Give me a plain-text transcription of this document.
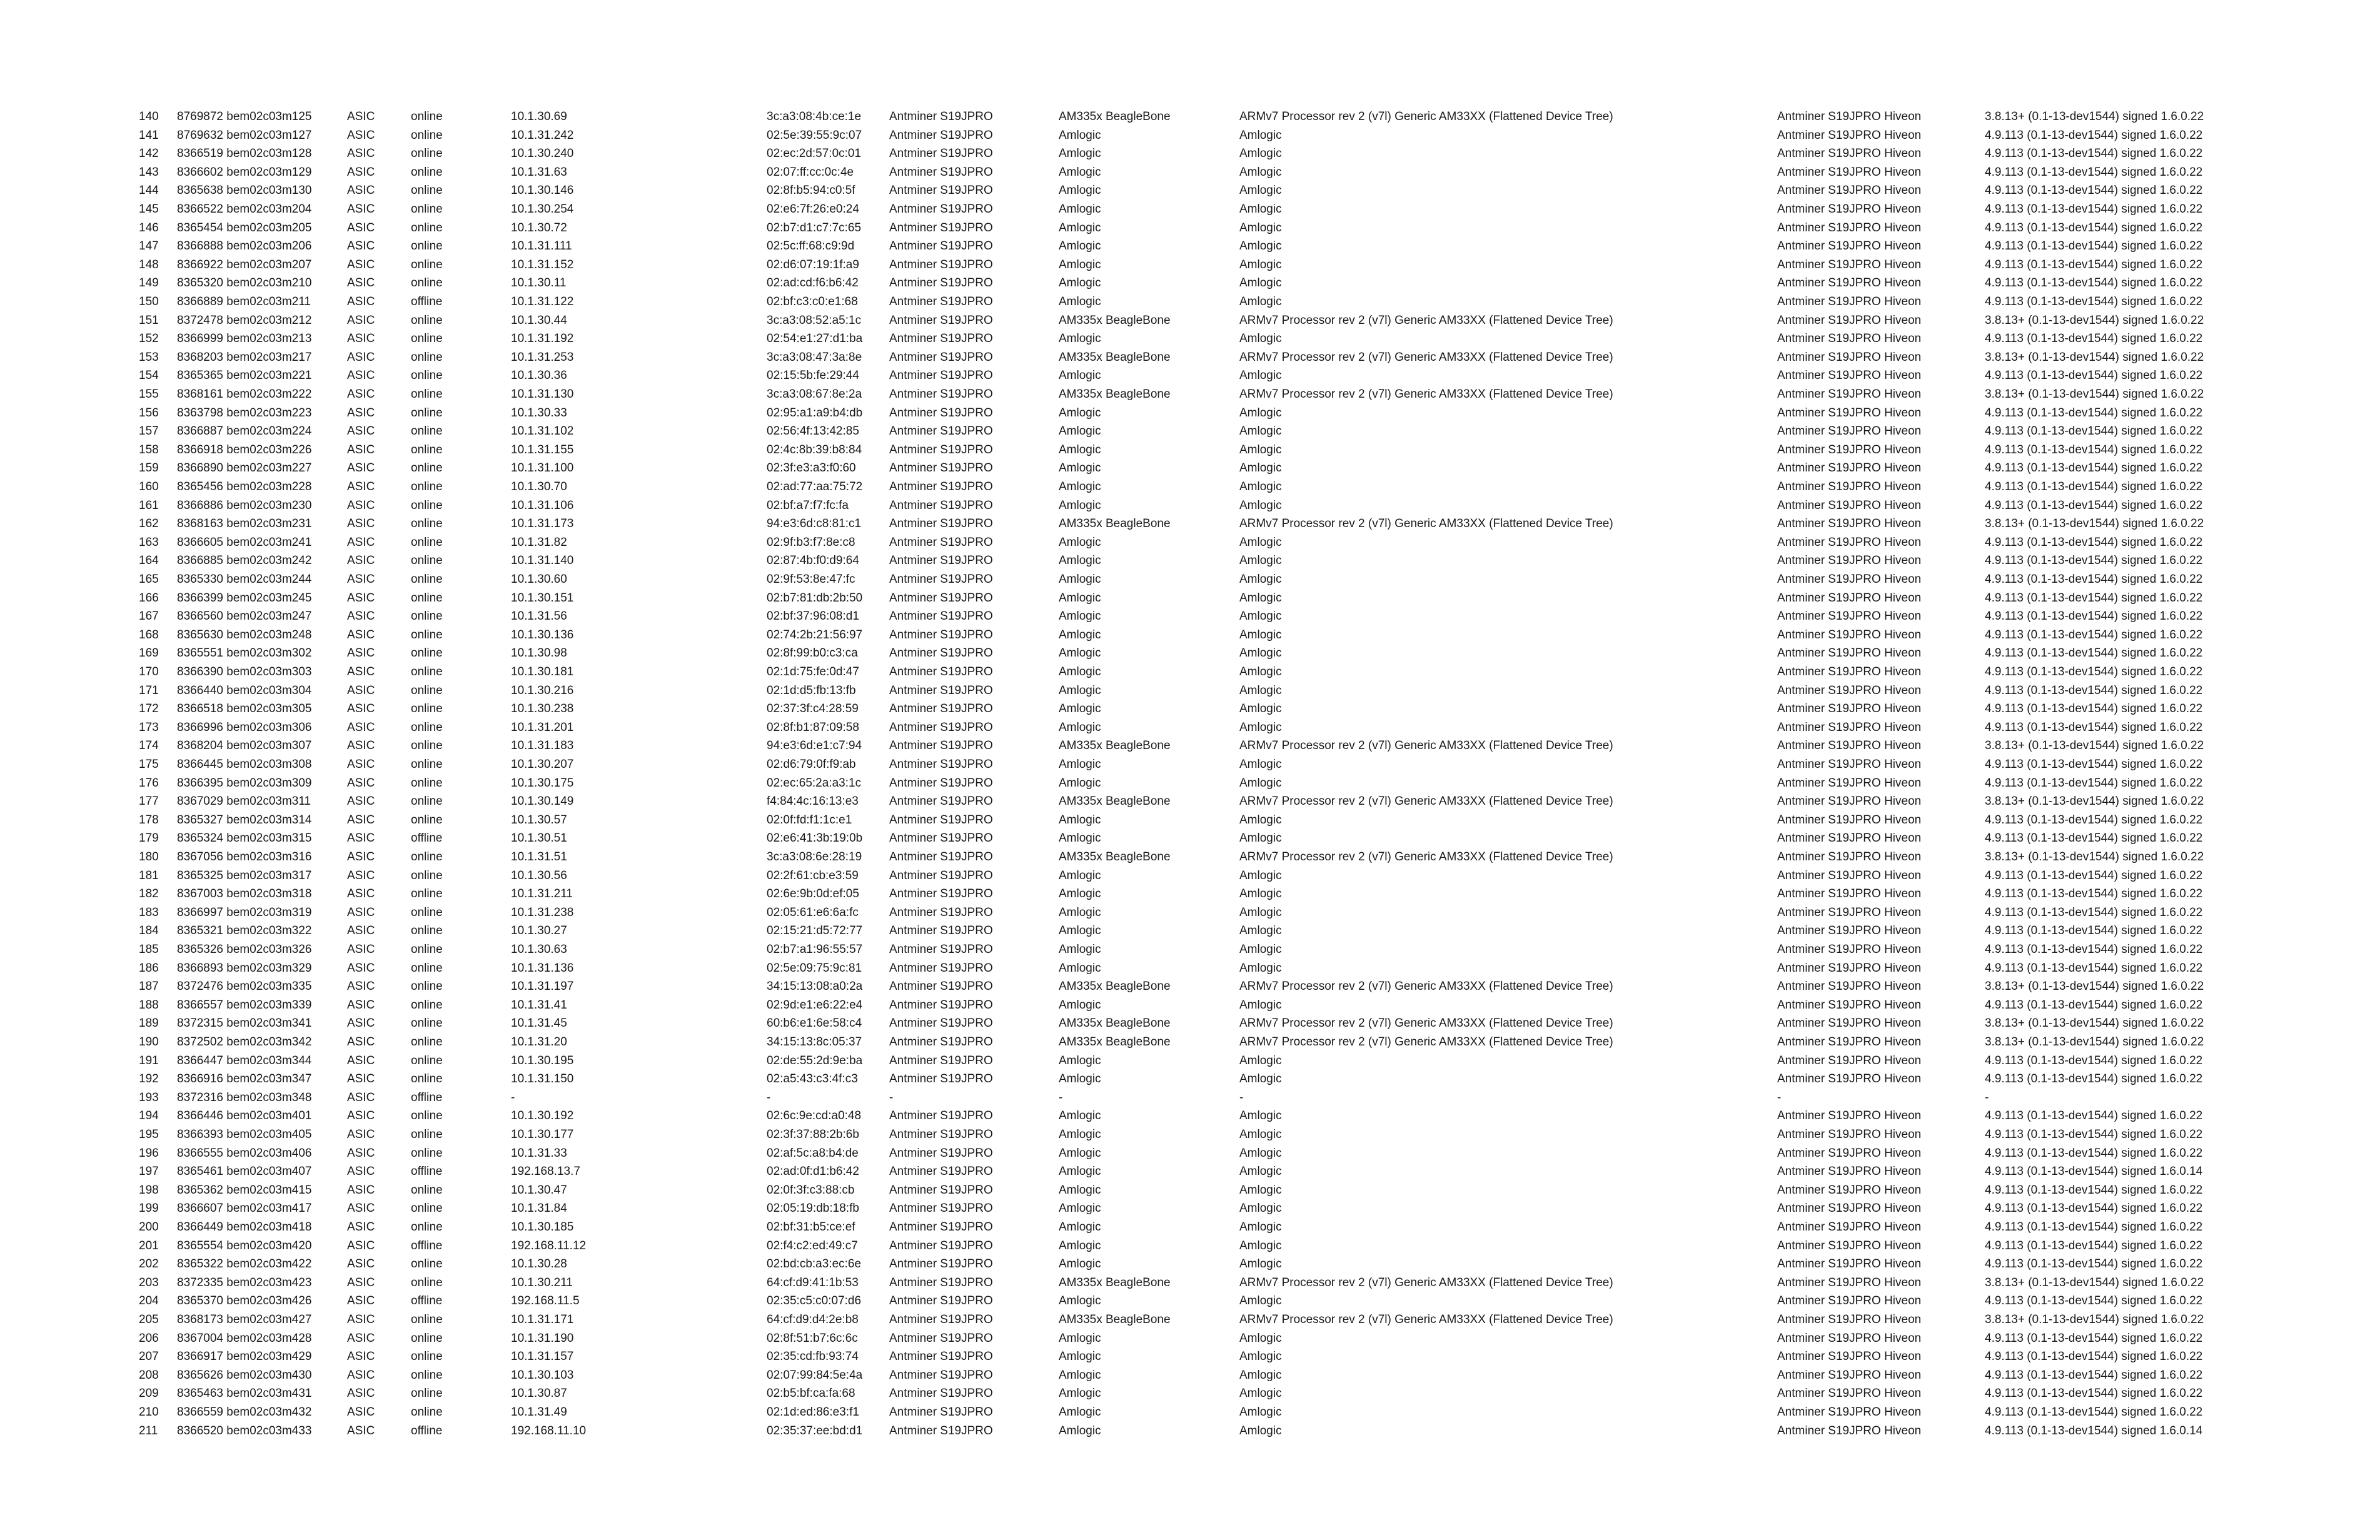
140 8769872 bem02c03m125	ASIC	online	10.1.30.69	3c:a3:08:4b:ce:1e Antminer S19JPRO	AM335x BeagleBone	ARMv7 Processor rev 2 (v7l) Generic AM33XX (Flattened Device Tree)	Antminer S19JPRO Hiveon	3.8.13+ (0.1-13-dev1544) signed 1.6.0.22
141 8769632 bem02c03m127	ASIC	online	10.1.31.242	02:5e:39:55:9c:07 Antminer S19JPRO	Amlogic	Amlogic	Antminer S19JPRO Hiveon	4.9.113 (0.1-13-dev1544) signed 1.6.0.22
142 8366519 bem02c03m128	ASIC	online	10.1.30.240	02:ec:2d:57:0c:01 Antminer S19JPRO	Amlogic	Amlogic	Antminer S19JPRO Hiveon	4.9.113 (0.1-13-dev1544) signed 1.6.0.22
143 8366602 bem02c03m129	ASIC	online	10.1.31.63	02:07:ff:cc:0c:4e	Antminer S19JPRO	Amlogic	Amlogic	Antminer S19JPRO Hiveon	4.9.113 (0.1-13-dev1544) signed 1.6.0.22
144 8365638 bem02c03m130	ASIC	online	10.1.30.146	02:8f:b5:94:c0:5f	Antminer S19JPRO	Amlogic	Amlogic	Antminer S19JPRO Hiveon	4.9.113 (0.1-13-dev1544) signed 1.6.0.22
145 8366522 bem02c03m204	ASIC	online	10.1.30.254	02:e6:7f:26:e0:24	Antminer S19JPRO	Amlogic	Amlogic	Antminer S19JPRO Hiveon	4.9.113 (0.1-13-dev1544) signed 1.6.0.22
146 8365454 bem02c03m205	ASIC	online	10.1.30.72	02:b7:d1:c7:7c:65 Antminer S19JPRO	Amlogic	Amlogic	Antminer S19JPRO Hiveon	4.9.113 (0.1-13-dev1544) signed 1.6.0.22
147 8366888 bem02c03m206	ASIC	online	10.1.31.111	02:5c:ff:68:c9:9d	Antminer S19JPRO	Amlogic	Amlogic	Antminer S19JPRO Hiveon	4.9.113 (0.1-13-dev1544) signed 1.6.0.22
148 8366922 bem02c03m207	ASIC	online	10.1.31.152	02:d6:07:19:1f:a9	Antminer S19JPRO	Amlogic	Amlogic	Antminer S19JPRO Hiveon	4.9.113 (0.1-13-dev1544) signed 1.6.0.22
149 8365320 bem02c03m210	ASIC	online	10.1.30.11	02:ad:cd:f6:b6:42	Antminer S19JPRO	Amlogic	Amlogic	Antminer S19JPRO Hiveon	4.9.113 (0.1-13-dev1544) signed 1.6.0.22
150 8366889 bem02c03m211	ASIC	offline	10.1.31.122	02:bf:c3:c0:e1:68	Antminer S19JPRO	Amlogic	Amlogic	Antminer S19JPRO Hiveon	4.9.113 (0.1-13-dev1544) signed 1.6.0.22
151 8372478 bem02c03m212	ASIC	online	10.1.30.44	3c:a3:08:52:a5:1c Antminer S19JPRO	AM335x BeagleBone	ARMv7 Processor rev 2 (v7l) Generic AM33XX (Flattened Device Tree)	Antminer S19JPRO Hiveon	3.8.13+ (0.1-13-dev1544) signed 1.6.0.22
152 8366999 bem02c03m213	ASIC	online	10.1.31.192	02:54:e1:27:d1:ba Antminer S19JPRO	Amlogic	Amlogic	Antminer S19JPRO Hiveon	4.9.113 (0.1-13-dev1544) signed 1.6.0.22
153 8368203 bem02c03m217	ASIC	online	10.1.31.253	3c:a3:08:47:3a:8e Antminer S19JPRO	AM335x BeagleBone	ARMv7 Processor rev 2 (v7l) Generic AM33XX (Flattened Device Tree)	Antminer S19JPRO Hiveon	3.8.13+ (0.1-13-dev1544) signed 1.6.0.22
154 8365365 bem02c03m221	ASIC	online	10.1.30.36	02:15:5b:fe:29:44	Antminer S19JPRO	Amlogic	Amlogic	Antminer S19JPRO Hiveon	4.9.113 (0.1-13-dev1544) signed 1.6.0.22
155 8368161 bem02c03m222	ASIC	online	10.1.31.130	3c:a3:08:67:8e:2a Antminer S19JPRO	AM335x BeagleBone	ARMv7 Processor rev 2 (v7l) Generic AM33XX (Flattened Device Tree)	Antminer S19JPRO Hiveon	3.8.13+ (0.1-13-dev1544) signed 1.6.0.22
156 8363798 bem02c03m223	ASIC	online	10.1.30.33	02:95:a1:a9:b4:db Antminer S19JPRO	Amlogic	Amlogic	Antminer S19JPRO Hiveon	4.9.113 (0.1-13-dev1544) signed 1.6.0.22
157 8366887 bem02c03m224	ASIC	online	10.1.31.102	02:56:4f:13:42:85	Antminer S19JPRO	Amlogic	Amlogic	Antminer S19JPRO Hiveon	4.9.113 (0.1-13-dev1544) signed 1.6.0.22
158 8366918 bem02c03m226	ASIC	online	10.1.31.155	02:4c:8b:39:b8:84 Antminer S19JPRO	Amlogic	Amlogic	Antminer S19JPRO Hiveon	4.9.113 (0.1-13-dev1544) signed 1.6.0.22
159 8366890 bem02c03m227	ASIC	online	10.1.31.100	02:3f:e3:a3:f0:60	Antminer S19JPRO	Amlogic	Amlogic	Antminer S19JPRO Hiveon	4.9.113 (0.1-13-dev1544) signed 1.6.0.22
160 8365456 bem02c03m228	ASIC	online	10.1.30.70	02:ad:77:aa:75:72 Antminer S19JPRO	Amlogic	Amlogic	Antminer S19JPRO Hiveon	4.9.113 (0.1-13-dev1544) signed 1.6.0.22
161 8366886 bem02c03m230	ASIC	online	10.1.31.106	02:bf:a7:f7:fc:fa	Antminer S19JPRO	Amlogic	Amlogic	Antminer S19JPRO Hiveon	4.9.113 (0.1-13-dev1544) signed 1.6.0.22
162 8368163 bem02c03m231	ASIC	online	10.1.31.173	94:e3:6d:c8:81:c1 Antminer S19JPRO	AM335x BeagleBone	ARMv7 Processor rev 2 (v7l) Generic AM33XX (Flattened Device Tree)	Antminer S19JPRO Hiveon	3.8.13+ (0.1-13-dev1544) signed 1.6.0.22
163 8366605 bem02c03m241	ASIC	online	10.1.31.82	02:9f:b3:f7:8e:c8	Antminer S19JPRO	Amlogic	Amlogic	Antminer S19JPRO Hiveon	4.9.113 (0.1-13-dev1544) signed 1.6.0.22
164 8366885 bem02c03m242	ASIC	online	10.1.31.140	02:87:4b:f0:d9:64	Antminer S19JPRO	Amlogic	Amlogic	Antminer S19JPRO Hiveon	4.9.113 (0.1-13-dev1544) signed 1.6.0.22
165 8365330 bem02c03m244	ASIC	online	10.1.30.60	02:9f:53:8e:47:fc	Antminer S19JPRO	Amlogic	Amlogic	Antminer S19JPRO Hiveon	4.9.113 (0.1-13-dev1544) signed 1.6.0.22
166 8366399 bem02c03m245	ASIC	online	10.1.30.151	02:b7:81:db:2b:50 Antminer S19JPRO	Amlogic	Amlogic	Antminer S19JPRO Hiveon	4.9.113 (0.1-13-dev1544) signed 1.6.0.22
167 8366560 bem02c03m247	ASIC	online	10.1.31.56	02:bf:37:96:08:d1	Antminer S19JPRO	Amlogic	Amlogic	Antminer S19JPRO Hiveon	4.9.113 (0.1-13-dev1544) signed 1.6.0.22
168 8365630 bem02c03m248	ASIC	online	10.1.30.136	02:74:2b:21:56:97 Antminer S19JPRO	Amlogic	Amlogic	Antminer S19JPRO Hiveon	4.9.113 (0.1-13-dev1544) signed 1.6.0.22
169 8365551 bem02c03m302	ASIC	online	10.1.30.98	02:8f:99:b0:c3:ca	Antminer S19JPRO	Amlogic	Amlogic	Antminer S19JPRO Hiveon	4.9.113 (0.1-13-dev1544) signed 1.6.0.22
170 8366390 bem02c03m303	ASIC	online	10.1.30.181	02:1d:75:fe:0d:47	Antminer S19JPRO	Amlogic	Amlogic	Antminer S19JPRO Hiveon	4.9.113 (0.1-13-dev1544) signed 1.6.0.22
171 8366440 bem02c03m304	ASIC	online	10.1.30.216	02:1d:d5:fb:13:fb	Antminer S19JPRO	Amlogic	Amlogic	Antminer S19JPRO Hiveon	4.9.113 (0.1-13-dev1544) signed 1.6.0.22
172 8366518 bem02c03m305	ASIC	online	10.1.30.238	02:37:3f:c4:28:59	Antminer S19JPRO	Amlogic	Amlogic	Antminer S19JPRO Hiveon	4.9.113 (0.1-13-dev1544) signed 1.6.0.22
173 8366996 bem02c03m306	ASIC	online	10.1.31.201	02:8f:b1:87:09:58	Antminer S19JPRO	Amlogic	Amlogic	Antminer S19JPRO Hiveon	4.9.113 (0.1-13-dev1544) signed 1.6.0.22
174 8368204 bem02c03m307	ASIC	online	10.1.31.183	94:e3:6d:e1:c7:94 Antminer S19JPRO	AM335x BeagleBone	ARMv7 Processor rev 2 (v7l) Generic AM33XX (Flattened Device Tree)	Antminer S19JPRO Hiveon	3.8.13+ (0.1-13-dev1544) signed 1.6.0.22
175 8366445 bem02c03m308	ASIC	online	10.1.30.207	02:d6:79:0f:f9:ab	Antminer S19JPRO	Amlogic	Amlogic	Antminer S19JPRO Hiveon	4.9.113 (0.1-13-dev1544) signed 1.6.0.22
176 8366395 bem02c03m309	ASIC	online	10.1.30.175	02:ec:65:2a:a3:1c Antminer S19JPRO	Amlogic	Amlogic	Antminer S19JPRO Hiveon	4.9.113 (0.1-13-dev1544) signed 1.6.0.22
177 8367029 bem02c03m311	ASIC	online	10.1.30.149	f4:84:4c:16:13:e3	Antminer S19JPRO	AM335x BeagleBone	ARMv7 Processor rev 2 (v7l) Generic AM33XX (Flattened Device Tree)	Antminer S19JPRO Hiveon	3.8.13+ (0.1-13-dev1544) signed 1.6.0.22
178 8365327 bem02c03m314	ASIC	online	10.1.30.57	02:0f:fd:f1:1c:e1	Antminer S19JPRO	Amlogic	Amlogic	Antminer S19JPRO Hiveon	4.9.113 (0.1-13-dev1544) signed 1.6.0.22
179 8365324 bem02c03m315	ASIC	offline	10.1.30.51	02:e6:41:3b:19:0b Antminer S19JPRO	Amlogic	Amlogic	Antminer S19JPRO Hiveon	4.9.113 (0.1-13-dev1544) signed 1.6.0.22
180 8367056 bem02c03m316	ASIC	online	10.1.31.51	3c:a3:08:6e:28:19 Antminer S19JPRO	AM335x BeagleBone	ARMv7 Processor rev 2 (v7l) Generic AM33XX (Flattened Device Tree)	Antminer S19JPRO Hiveon	3.8.13+ (0.1-13-dev1544) signed 1.6.0.22
181 8365325 bem02c03m317	ASIC	online	10.1.30.56	02:2f:61:cb:e3:59	Antminer S19JPRO	Amlogic	Amlogic	Antminer S19JPRO Hiveon	4.9.113 (0.1-13-dev1544) signed 1.6.0.22
182 8367003 bem02c03m318	ASIC	online	10.1.31.211	02:6e:9b:0d:ef:05	Antminer S19JPRO	Amlogic	Amlogic	Antminer S19JPRO Hiveon	4.9.113 (0.1-13-dev1544) signed 1.6.0.22
183 8366997 bem02c03m319	ASIC	online	10.1.31.238	02:05:61:e6:6a:fc	Antminer S19JPRO	Amlogic	Amlogic	Antminer S19JPRO Hiveon	4.9.113 (0.1-13-dev1544) signed 1.6.0.22
184 8365321 bem02c03m322	ASIC	online	10.1.30.27	02:15:21:d5:72:77 Antminer S19JPRO	Amlogic	Amlogic	Antminer S19JPRO Hiveon	4.9.113 (0.1-13-dev1544) signed 1.6.0.22
185 8365326 bem02c03m326	ASIC	online	10.1.30.63	02:b7:a1:96:55:57 Antminer S19JPRO	Amlogic	Amlogic	Antminer S19JPRO Hiveon	4.9.113 (0.1-13-dev1544) signed 1.6.0.22
186 8366893 bem02c03m329	ASIC	online	10.1.31.136	02:5e:09:75:9c:81 Antminer S19JPRO	Amlogic	Amlogic	Antminer S19JPRO Hiveon	4.9.113 (0.1-13-dev1544) signed 1.6.0.22
187 8372476 bem02c03m335	ASIC	online	10.1.31.197	34:15:13:08:a0:2a Antminer S19JPRO	AM335x BeagleBone	ARMv7 Processor rev 2 (v7l) Generic AM33XX (Flattened Device Tree)	Antminer S19JPRO Hiveon	3.8.13+ (0.1-13-dev1544) signed 1.6.0.22
188 8366557 bem02c03m339	ASIC	online	10.1.31.41	02:9d:e1:e6:22:e4 Antminer S19JPRO	Amlogic	Amlogic	Antminer S19JPRO Hiveon	4.9.113 (0.1-13-dev1544) signed 1.6.0.22
189 8372315 bem02c03m341	ASIC	online	10.1.31.45	60:b6:e1:6e:58:c4 Antminer S19JPRO	AM335x BeagleBone	ARMv7 Processor rev 2 (v7l) Generic AM33XX (Flattened Device Tree)	Antminer S19JPRO Hiveon	3.8.13+ (0.1-13-dev1544) signed 1.6.0.22
190 8372502 bem02c03m342	ASIC	online	10.1.31.20	34:15:13:8c:05:37 Antminer S19JPRO	AM335x BeagleBone	ARMv7 Processor rev 2 (v7l) Generic AM33XX (Flattened Device Tree)	Antminer S19JPRO Hiveon	3.8.13+ (0.1-13-dev1544) signed 1.6.0.22
191 8366447 bem02c03m344	ASIC	online	10.1.30.195	02:de:55:2d:9e:ba Antminer S19JPRO	Amlogic	Amlogic	Antminer S19JPRO Hiveon	4.9.113 (0.1-13-dev1544) signed 1.6.0.22
192 8366916 bem02c03m347	ASIC	online	10.1.31.150	02:a5:43:c3:4f:c3	Antminer S19JPRO	Amlogic	Amlogic	Antminer S19JPRO Hiveon	4.9.113 (0.1-13-dev1544) signed 1.6.0.22
193 8372316 bem02c03m348	ASIC	offline	-	-	-	-	-	-	-
194 8366446 bem02c03m401	ASIC	online	10.1.30.192	02:6c:9e:cd:a0:48 Antminer S19JPRO	Amlogic	Amlogic	Antminer S19JPRO Hiveon	4.9.113 (0.1-13-dev1544) signed 1.6.0.22
195 8366393 bem02c03m405	ASIC	online	10.1.30.177	02:3f:37:88:2b:6b	Antminer S19JPRO	Amlogic	Amlogic	Antminer S19JPRO Hiveon	4.9.113 (0.1-13-dev1544) signed 1.6.0.22
196 8366555 bem02c03m406	ASIC	online	10.1.31.33	02:af:5c:a8:b4:de	Antminer S19JPRO	Amlogic	Amlogic	Antminer S19JPRO Hiveon	4.9.113 (0.1-13-dev1544) signed 1.6.0.22
197 8365461 bem02c03m407	ASIC	offline	192.168.13.7	02:ad:0f:d1:b6:42	Antminer S19JPRO	Amlogic	Amlogic	Antminer S19JPRO Hiveon	4.9.113 (0.1-13-dev1544) signed 1.6.0.14
198 8365362 bem02c03m415	ASIC	online	10.1.30.47	02:0f:3f:c3:88:cb	Antminer S19JPRO	Amlogic	Amlogic	Antminer S19JPRO Hiveon	4.9.113 (0.1-13-dev1544) signed 1.6.0.22
199 8366607 bem02c03m417	ASIC	online	10.1.31.84	02:05:19:db:18:fb	Antminer S19JPRO	Amlogic	Amlogic	Antminer S19JPRO Hiveon	4.9.113 (0.1-13-dev1544) signed 1.6.0.22
200 8366449 bem02c03m418	ASIC	online	10.1.30.185	02:bf:31:b5:ce:ef	Antminer S19JPRO	Amlogic	Amlogic	Antminer S19JPRO Hiveon	4.9.113 (0.1-13-dev1544) signed 1.6.0.22
201 8365554 bem02c03m420	ASIC	offline	192.168.11.12	02:f4:c2:ed:49:c7	Antminer S19JPRO	Amlogic	Amlogic	Antminer S19JPRO Hiveon	4.9.113 (0.1-13-dev1544) signed 1.6.0.22
202 8365322 bem02c03m422	ASIC	online	10.1.30.28	02:bd:cb:a3:ec:6e Antminer S19JPRO	Amlogic	Amlogic	Antminer S19JPRO Hiveon	4.9.113 (0.1-13-dev1544) signed 1.6.0.22
203 8372335 bem02c03m423	ASIC	online	10.1.30.211	64:cf:d9:41:1b:53	Antminer S19JPRO	AM335x BeagleBone	ARMv7 Processor rev 2 (v7l) Generic AM33XX (Flattened Device Tree)	Antminer S19JPRO Hiveon	3.8.13+ (0.1-13-dev1544) signed 1.6.0.22
204 8365370 bem02c03m426	ASIC	offline	192.168.11.5	02:35:c5:c0:07:d6 Antminer S19JPRO	Amlogic	Amlogic	Antminer S19JPRO Hiveon	4.9.113 (0.1-13-dev1544) signed 1.6.0.22
205 8368173 bem02c03m427	ASIC	online	10.1.31.171	64:cf:d9:d4:2e:b8	Antminer S19JPRO	AM335x BeagleBone	ARMv7 Processor rev 2 (v7l) Generic AM33XX (Flattened Device Tree)	Antminer S19JPRO Hiveon	3.8.13+ (0.1-13-dev1544) signed 1.6.0.22
206 8367004 bem02c03m428	ASIC	online	10.1.31.190	02:8f:51:b7:6c:6c	Antminer S19JPRO	Amlogic	Amlogic	Antminer S19JPRO Hiveon	4.9.113 (0.1-13-dev1544) signed 1.6.0.22
207 8366917 bem02c03m429	ASIC	online	10.1.31.157	02:35:cd:fb:93:74	Antminer S19JPRO	Amlogic	Amlogic	Antminer S19JPRO Hiveon	4.9.113 (0.1-13-dev1544) signed 1.6.0.22
208 8365626 bem02c03m430	ASIC	online	10.1.30.103	02:07:99:84:5e:4a Antminer S19JPRO	Amlogic	Amlogic	Antminer S19JPRO Hiveon	4.9.113 (0.1-13-dev1544) signed 1.6.0.22
209 8365463 bem02c03m431	ASIC	online	10.1.30.87	02:b5:bf:ca:fa:68	Antminer S19JPRO	Amlogic	Amlogic	Antminer S19JPRO Hiveon	4.9.113 (0.1-13-dev1544) signed 1.6.0.22
210 8366559 bem02c03m432	ASIC	online	10.1.31.49	02:1d:ed:86:e3:f1	Antminer S19JPRO	Amlogic	Amlogic	Antminer S19JPRO Hiveon	4.9.113 (0.1-13-dev1544) signed 1.6.0.22
211 8366520 bem02c03m433	ASIC	offline	192.168.11.10	02:35:37:ee:bd:d1 Antminer S19JPRO	Amlogic	Amlogic	Antminer S19JPRO Hiveon	4.9.113 (0.1-13-dev1544) signed 1.6.0.14
